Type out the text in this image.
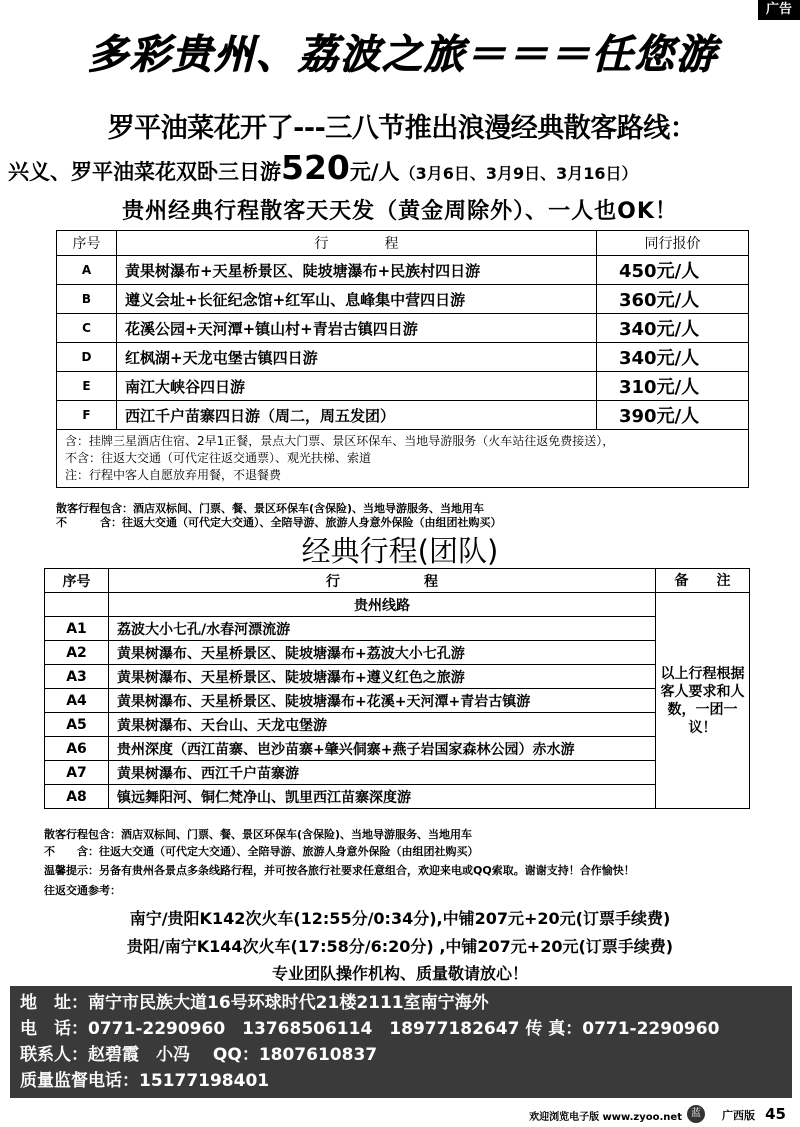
广告
多彩贵州、荔波之旅＝＝＝任您游
罗平油菜花开了---三八节推出浪漫经典散客路线：
兴义、罗平油菜花双卧三日游520元/人（3月6日、3月9日、3月16日）
贵州经典行程散客天天发（黄金周除外）、一人也OK！
序号	行　　　　程	同行报价
A	黄果树瀑布+天星桥景区、陡坡塘瀑布+民族村四日游	450元/人
B	遵义会址+长征纪念馆+红军山、息峰集中营四日游	360元/人
C	花溪公园+天河潭+镇山村+青岩古镇四日游	340元/人
D	红枫湖+天龙屯堡古镇四日游	340元/人
E	南江大峡谷四日游	310元/人
F	西江千户苗寨四日游（周二，周五发团）	390元/人

含：挂牌三星酒店住宿、2早1正餐，景点大门票、景区环保车、当地导游服务（火车站往返免费接送），
不含：往返大交通（可代定往返交通票）、观光扶梯、索道
注：行程中客人自愿放弃用餐，不退餐费		
散客行程包含：酒店双标间、门票、餐、景区环保车(含保险)、当地导游服务、当地用车
不　　　含：往返大交通（可代定大交通）、全陪导游、旅游人身意外保险（由组团社购买）
经典行程(团队)
序号	行　　　　　　程	备　　注
	贵州线路	以上行程根据客人要求和人数，一团一议！
A1	荔波大小七孔/水春河漂流游	
A2	黄果树瀑布、天星桥景区、陡坡塘瀑布+荔波大小七孔游	
A3	黄果树瀑布、天星桥景区、陡坡塘瀑布+遵义红色之旅游	
A4	黄果树瀑布、天星桥景区、陡坡塘瀑布+花溪+天河潭+青岩古镇游	
A5	黄果树瀑布、天台山、天龙屯堡游	
A6	贵州深度（西江苗寨、岜沙苗寨+肇兴侗寨+燕子岩国家森林公园）赤水游	
A7	黄果树瀑布、西江千户苗寨游	
A8	镇远舞阳河、铜仁梵净山、凯里西江苗寨深度游	
散客行程包含：酒店双标间、门票、餐、景区环保车(含保险)、当地导游服务、当地用车
不　　含：往返大交通（可代定大交通）、全陪导游、旅游人身意外保险（由组团社购买）
温馨提示：另备有贵州各景点多条线路行程，并可按各旅行社要求任意组合，欢迎来电或QQ索取。谢谢支持！合作愉快！
往返交通参考：
南宁/贵阳K142次火车(12:55分/0:34分),中铺207元+20元(订票手续费)
贵阳/南宁K144次火车(17:58分/6:20分) ,中铺207元+20元(订票手续费)
专业团队操作机构、质量敬请放心！
地　址：南宁市民族大道16号环球时代21楼2111室南宁海外
电　话：0771-2290960　13768506114　18977182647 传 真：0771-2290960
联系人：赵碧霞　小冯　 QQ：1807610837
质量监督电话：15177198401
欢迎浏览电子版 www.zyoo.net 蓝	广西版 45
